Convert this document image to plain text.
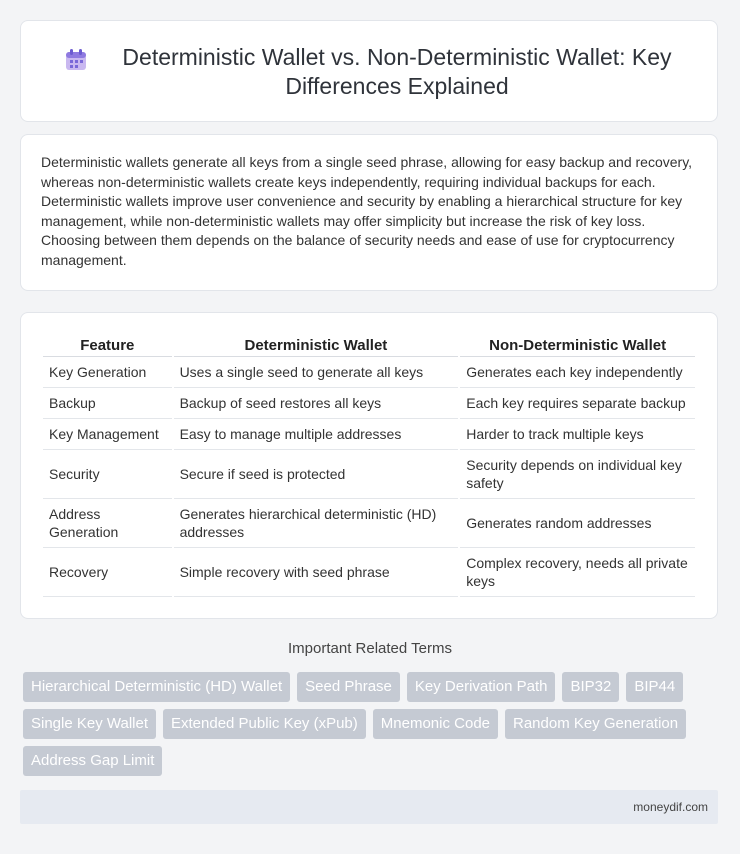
Deterministic Wallet vs. Non-Deterministic Wallet: Key Differences Explained
Deterministic wallets generate all keys from a single seed phrase, allowing for easy backup and recovery, whereas non-deterministic wallets create keys independently, requiring individual backups for each. Deterministic wallets improve user convenience and security by enabling a hierarchical structure for key management, while non-deterministic wallets may offer simplicity but increase the risk of key loss. Choosing between them depends on the balance of security needs and ease of use for cryptocurrency management.
Feature	Deterministic Wallet	Non-Deterministic Wallet
Key Generation	Uses a single seed to generate all keys	Generates each key independently
Backup	Backup of seed restores all keys	Each key requires separate backup
Key Management	Easy to manage multiple addresses	Harder to track multiple keys
Security	Secure if seed is protected	Security depends on individual key safety
Address Generation	Generates hierarchical deterministic (HD) addresses	Generates random addresses
Recovery	Simple recovery with seed phrase	Complex recovery, needs all private keys
Important Related Terms
Hierarchical Deterministic (HD) Wallet	Seed Phrase	Key Derivation Path	BIP32	BIP44
Single Key Wallet	Extended Public Key (xPub)	Mnemonic Code	Random Key Generation
Address Gap Limit
moneydif.com
